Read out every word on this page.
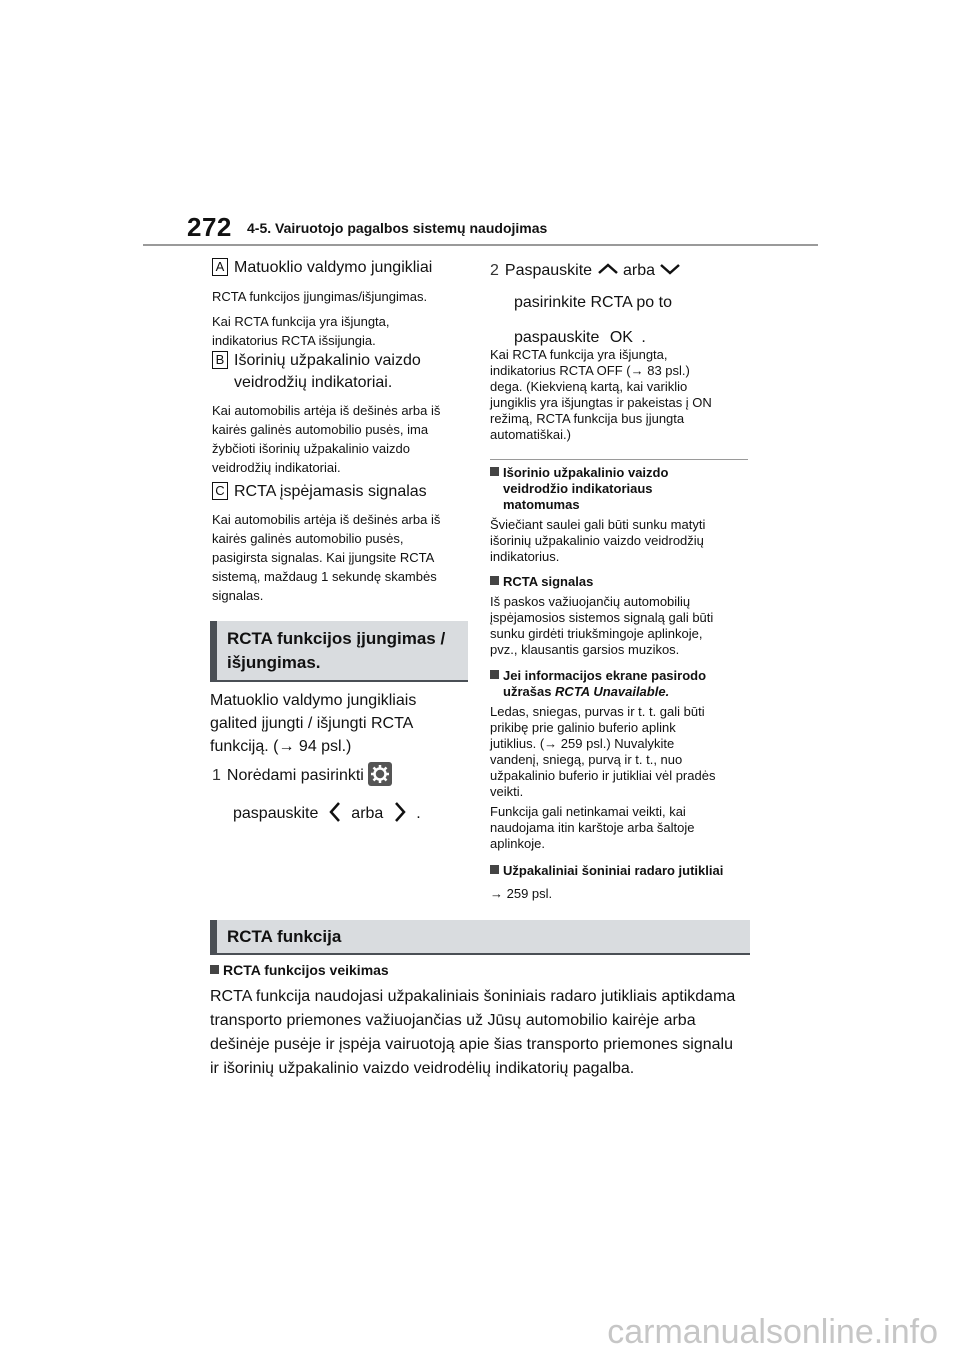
272 4-5. Vairuotojo pagalbos sistemų naudojimas
A Matuoklio valdymo jungikliai
RCTA funkcijos įjungimas/išjungimas.
Kai RCTA funkcija yra išjungta,
indikatorius RCTA išsijungia.
B Išorinių užpakalinio vaizdo
veidrodžių indikatoriai.
Kai automobilis artėja iš dešinės arba iš
kairės galinės automobilio pusės, ima
žybčioti išorinių užpakalinio vaizdo
veidrodžių indikatoriai.
C RCTA įspėjamasis signalas
Kai automobilis artėja iš dešinės arba iš
kairės galinės automobilio pusės,
pasigirsta signalas. Kai įjungsite RCTA
sistemą, maždaug 1 sekundę skambės
signalas.
RCTA funkcijos įjungimas /
išjungimas.
Matuoklio valdymo jungikliais
galited įjungti / išjungti RCTA
funkciją. (→ 94 psl.)
1 Norėdami pasirinkti
paspauskite arba .
2 Paspauskite arba
pasirinkite RCTA po to
paspauskite OK .
Kai RCTA funkcija yra išjungta,
indikatorius RCTA OFF (→ 83 psl.)
dega. (Kiekvieną kartą, kai variklio
jungiklis yra išjungtas ir pakeistas į ON
režimą, RCTA funkcija bus įjungta
automatiškai.)
Išorinio užpakalinio vaizdo
veidrodžio indikatoriaus
matomumas
Šviečiant saulei gali būti sunku matyti
išorinių užpakalinio vaizdo veidrodžių
indikatorius.
RCTA signalas
Iš paskos važiuojančių automobilių
įspėjamosios sistemos signalą gali būti
sunku girdėti triukšmingoje aplinkoje,
pvz., klausantis garsios muzikos.
Jei informacijos ekrane pasirodo
užrašas RCTA Unavailable.
Ledas, sniegas, purvas ir t. t. gali būti
prikibę prie galinio buferio aplink
jutiklius. (→ 259 psl.) Nuvalykite
vandenį, sniegą, purvą ir t. t., nuo
užpakalinio buferio ir jutikliai vėl pradės
veikti.
Funkcija gali netinkamai veikti, kai
naudojama itin karštoje arba šaltoje
aplinkoje.
Užpakaliniai šoniniai radaro jutikliai
→ 259 psl.
RCTA funkcija
RCTA funkcijos veikimas
RCTA funkcija naudojasi užpakaliniais šoniniais radaro jutikliais aptikdama
transporto priemones važiuojančias už Jūsų automobilio kairėje arba
dešinėje pusėje ir įspėja vairuotoją apie šias transporto priemones signalu
ir išorinių užpakalinio vaizdo veidrodėlių indikatorių pagalba.
carmanualsonline.info
